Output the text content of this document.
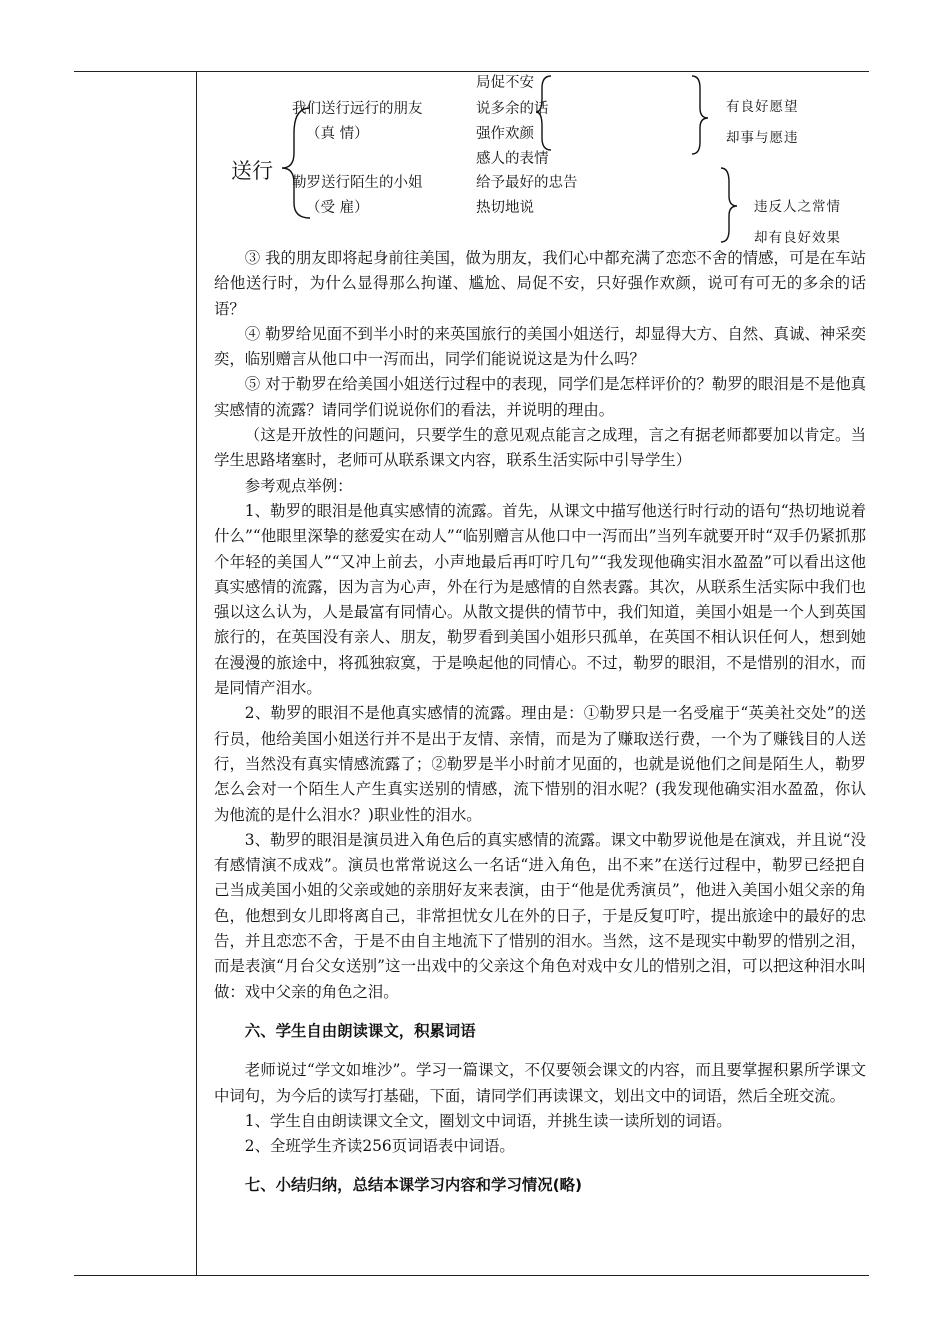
送行
我们送行远行的朋友
（真 情）
勒罗送行陌生的小姐
（受 雇）
局促不安
说多余的话
强作欢颜
感人的表情
给予最好的忠告
热切地说
有良好愿望
却事与愿违
违反人之常情
却有良好效果

③ 我的朋友即将起身前往美国，做为朋友，我们心中都充满了恋恋不舍的情感，可是在车站给他送行时，为什么显得那么拘谨、尴尬、局促不安，只好强作欢颜，说可有可无的多余的话语？

④ 勒罗给见面不到半小时的来英国旅行的美国小姐送行，却显得大方、自然、真诚、神采奕奕，临别赠言从他口中一泻而出，同学们能说说这是为什么吗？

⑤ 对于勒罗在给美国小姐送行过程中的表现，同学们是怎样评价的？勒罗的眼泪是不是他真实感情的流露？请同学们说说你们的看法，并说明的理由。

（这是开放性的问题问，只要学生的意见观点能言之成理，言之有据老师都要加以肯定。当学生思路堵塞时，老师可从联系课文内容，联系生活实际中引导学生）

参考观点举例：

1、勒罗的眼泪是他真实感情的流露。首先，从课文中描写他送行时行动的语句“热切地说着什么”“他眼里深挚的慈爱实在动人”“临别赠言从他口中一泻而出”当列车就要开时“双手仍紧抓那个年轻的美国人”“又冲上前去，小声地最后再叮咛几句”“我发现他确实泪水盈盈”可以看出这他真实感情的流露，因为言为心声，外在行为是感情的自然表露。其次，从联系生活实际中我们也强以这么认为，人是最富有同情心。从散文提供的情节中，我们知道，美国小姐是一个人到英国旅行的，在英国没有亲人、朋友，勒罗看到美国小姐形只孤单，在英国不相认识任何人，想到她在漫漫的旅途中，将孤独寂寞，于是唤起他的同情心。不过，勒罗的眼泪，不是惜别的泪水，而是同情产泪水。

2、勒罗的眼泪不是他真实感情的流露。理由是：①勒罗只是一名受雇于“英美社交处”的送行员，他给美国小姐送行并不是出于友情、亲情，而是为了赚取送行费，一个为了赚钱目的人送行，当然没有真实情感流露了；②勒罗是半小时前才见面的，也就是说他们之间是陌生人，勒罗怎么会对一个陌生人产生真实送别的情感，流下惜别的泪水呢？(我发现他确实泪水盈盈，你认为他流的是什么泪水？)职业性的泪水。

3、勒罗的眼泪是演员进入角色后的真实感情的流露。课文中勒罗说他是在演戏，并且说“没有感情演不成戏”。演员也常常说这么一名话“进入角色，出不来”在送行过程中，勒罗已经把自己当成美国小姐的父亲或她的亲朋好友来表演，由于“他是优秀演员”，他进入美国小姐父亲的角色，他想到女儿即将离自己，非常担忧女儿在外的日子，于是反复叮咛，提出旅途中的最好的忠告，并且恋恋不舍，于是不由自主地流下了惜别的泪水。当然，这不是现实中勒罗的惜别之泪，而是表演“月台父女送别”这一出戏中的父亲这个角色对戏中女儿的惜别之泪，可以把这种泪水叫做：戏中父亲的角色之泪。

六、学生自由朗读课文，积累词语

老师说过“学文如堆沙”。学习一篇课文，不仅要领会课文的内容，而且要掌握积累所学课文中词句，为今后的读写打基础，下面，请同学们再读课文，划出文中的词语，然后全班交流。

1、学生自由朗读课文全文，圈划文中词语，并挑生读一读所划的词语。

2、全班学生齐读256页词语表中词语。

七、小结归纳，总结本课学习内容和学习情况(略)
